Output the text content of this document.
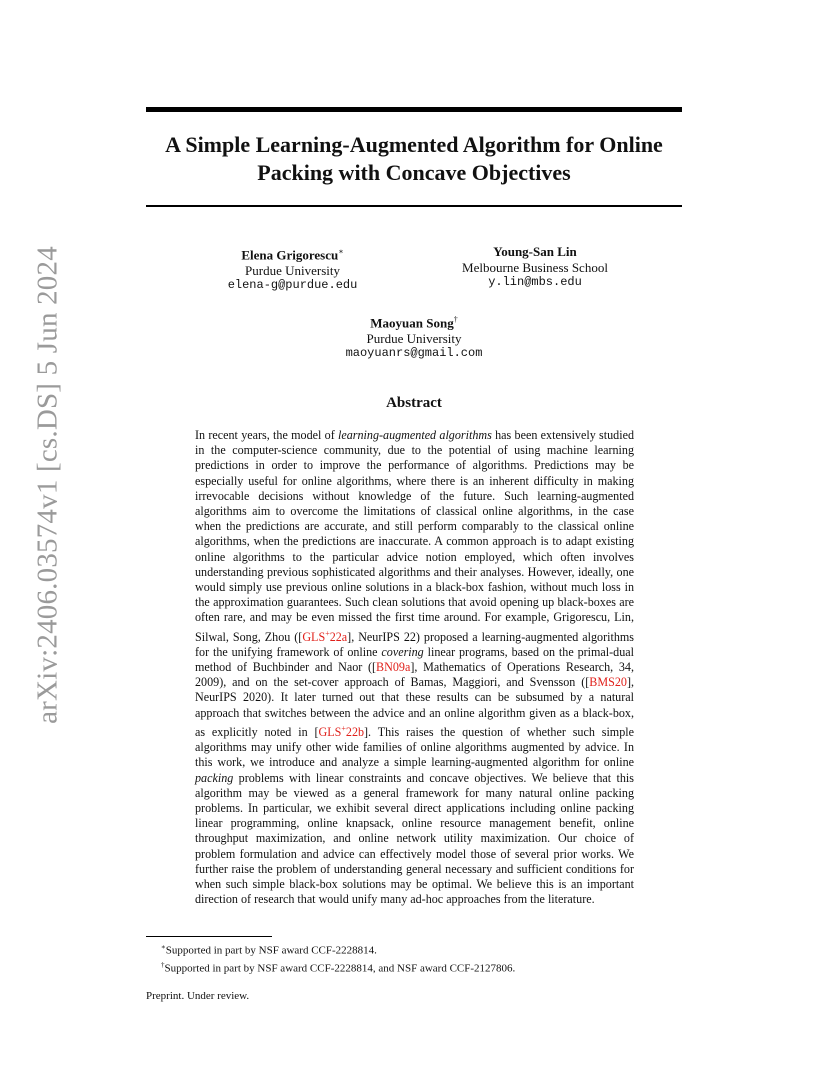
arXiv:2406.03574v1 [cs.DS] 5 Jun 2024
A Simple Learning-Augmented Algorithm for Online
Packing with Concave Objectives
Elena Grigorescu∗
Purdue University
elena-g@purdue.edu
Young-San Lin
Melbourne Business School
y.lin@mbs.edu
Maoyuan Song†
Purdue University
maoyuanrs@gmail.com
Abstract
In recent years, the model of learning-augmented algorithms has been extensively studied in the computer-science community, due to the potential of using machine learning predictions in order to improve the performance of algorithms. Predictions may be especially useful for online algorithms, where there is an inherent difficulty in making irrevocable decisions without knowledge of the future. Such learning-augmented algorithms aim to overcome the limitations of classical online algorithms, in the case when the predictions are accurate, and still perform comparably to the classical online algorithms, when the predictions are inaccurate. A common approach is to adapt existing online algorithms to the particular advice notion employed, which often involves understanding previous sophisticated algorithms and their analyses. However, ideally, one would simply use previous online solutions in a black-box fashion, without much loss in the approximation guarantees. Such clean solutions that avoid opening up black-boxes are often rare, and may be even missed the first time around. For example, Grigorescu, Lin, Silwal, Song, Zhou ([GLS+22a], NeurIPS 22) proposed a learning-augmented algorithms for the unifying framework of online covering linear programs, based on the primal-dual method of Buchbinder and Naor ([BN09a], Mathematics of Operations Research, 34, 2009), and on the set-cover approach of Bamas, Maggiori, and Svensson ([BMS20], NeurIPS 2020). It later turned out that these results can be subsumed by a natural approach that switches between the advice and an online algorithm given as a black-box, as explicitly noted in [GLS+22b]. This raises the question of whether such simple algorithms may unify other wide families of online algorithms augmented by advice. In this work, we introduce and analyze a simple learning-augmented algorithm for online packing problems with linear constraints and concave objectives. We believe that this algorithm may be viewed as a general framework for many natural online packing problems. In particular, we exhibit several direct applications including online packing linear programming, online knapsack, online resource management benefit, online throughput maximization, and online network utility maximization. Our choice of problem formulation and advice can effectively model those of several prior works. We further raise the problem of understanding general necessary and sufficient conditions for when such simple black-box solutions may be optimal. We believe this is an important direction of research that would unify many ad-hoc approaches from the literature.
∗Supported in part by NSF award CCF-2228814.
†Supported in part by NSF award CCF-2228814, and NSF award CCF-2127806.
Preprint. Under review.
